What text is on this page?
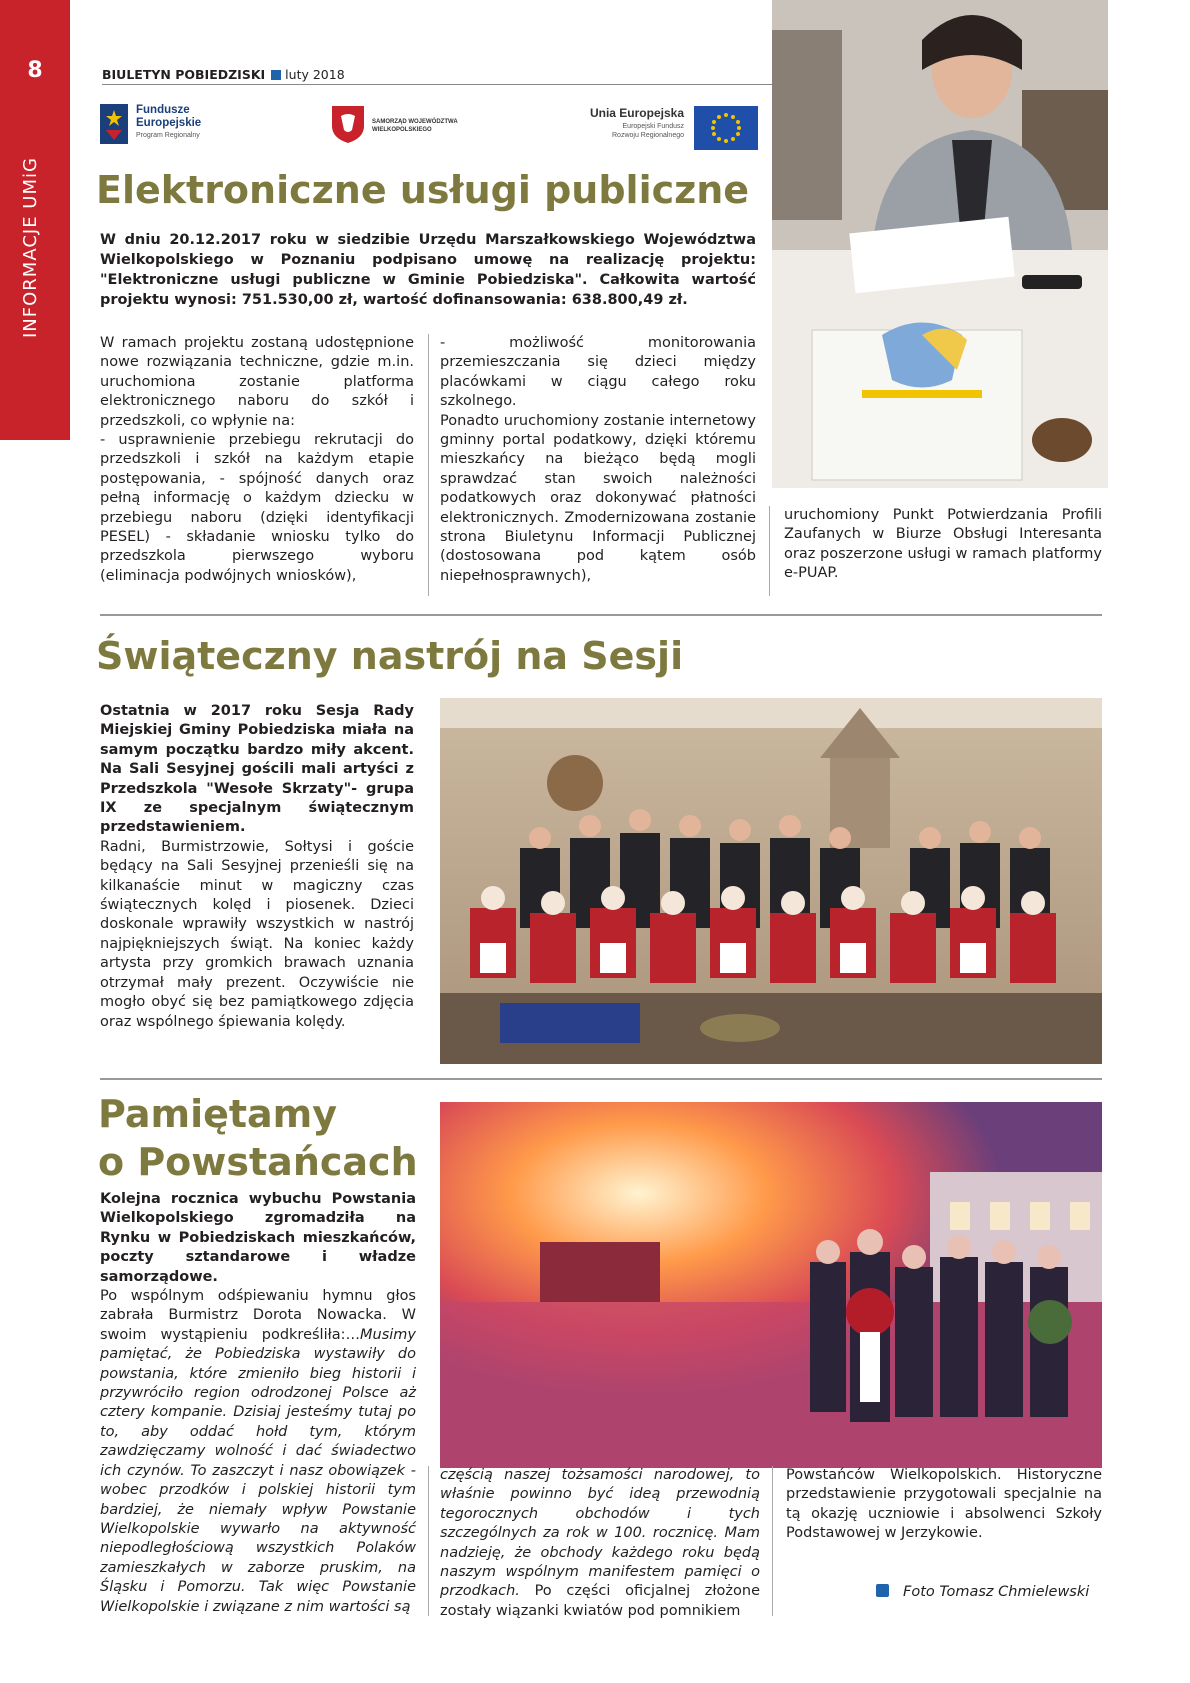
8
INFORMACJE UMiG
BIULETYN POBIEDZISKI luty 2018
Fundusze
Europejskie
Program Regionalny
SAMORZĄD WOJEWÓDZTWA
WIELKOPOLSKIEGO
Unia Europejska
Europejski Fundusz
Rozwoju Regionalnego
Elektroniczne usługi publiczne
W dniu 20.12.2017 roku w siedzibie Urzędu Marszałkowskiego Województwa Wielkopolskiego w Poznaniu podpisano umowę na realizację projektu: "Elektroniczne usługi publiczne w Gminie Pobiedziska". Całkowita wartość projektu wynosi: 751.530,00 zł, wartość dofinansowania: 638.800,49 zł.
W ramach projektu zostaną udostępnione nowe rozwiązania techniczne, gdzie m.in. uruchomiona zostanie platforma elektronicznego naboru do szkół i przedszkoli, co wpłynie na:
- usprawnienie przebiegu rekrutacji do przedszkoli i szkół na każdym etapie postępowania, - spójność danych oraz pełną informację o każdym dziecku w przebiegu naboru (dzięki identyfikacji PESEL) - składanie wniosku tylko do przedszkola pierwszego wyboru (eliminacja podwójnych wniosków),
- możliwość monitorowania przemieszczania się dzieci między placówkami w ciągu całego roku szkolnego.
Ponadto uruchomiony zostanie internetowy gminny portal podatkowy, dzięki któremu mieszkańcy na bieżąco będą mogli sprawdzać stan swoich należności podatkowych oraz dokonywać płatności elektronicznych. Zmodernizowana zostanie strona Biuletynu Informacji Publicznej (dostosowana pod kątem osób niepełnosprawnych),
uruchomiony Punkt Potwierdzania Profili Zaufanych w Biurze Obsługi Interesanta oraz poszerzone usługi w ramach platformy e-PUAP.
Świąteczny nastrój na Sesji
Ostatnia w 2017 roku Sesja Rady Miejskiej Gminy Pobiedziska miała na samym początku bardzo miły akcent. Na Sali Sesyjnej gościli mali artyści z Przedszkola "Wesołe Skrzaty"- grupa IX ze specjalnym świątecznym przedstawieniem.
Radni, Burmistrzowie, Sołtysi i goście będący na Sali Sesyjnej przenieśli się na kilkanaście minut w magiczny czas świątecznych kolęd i piosenek. Dzieci doskonale wprawiły wszystkich w nastrój najpiękniejszych świąt. Na koniec każdy artysta przy gromkich brawach uznania otrzymał mały prezent. Oczywiście nie mogło obyć się bez pamiątkowego zdjęcia oraz wspólnego śpiewania kolędy.
Pamiętamy
o Powstańcach
Kolejna rocznica wybuchu Powstania Wielkopolskiego zgromadziła na Rynku w Pobiedziskach mieszkańców, poczty sztandarowe i władze samorządowe.
Po wspólnym odśpiewaniu hymnu głos zabrała Burmistrz Dorota Nowacka. W swoim wystąpieniu podkreśliła:…Musimy pamiętać, że Pobiedziska wystawiły do powstania, które zmieniło bieg historii i przywróciło region odrodzonej Polsce aż cztery kompanie. Dzisiaj jesteśmy tutaj po to, aby oddać hołd tym, którym zawdzięczamy wolność i dać świadectwo ich czynów. To zaszczyt i nasz obowiązek - wobec przodków i polskiej historii tym bardziej, że niemały wpływ Powstanie Wielkopolskie wywarło na aktywność niepodległościową wszystkich Polaków zamieszkałych w zaborze pruskim, na Śląsku i Pomorzu. Tak więc Powstanie Wielkopolskie i związane z nim wartości są
częścią naszej tożsamości narodowej, to właśnie powinno być ideą przewodnią tegorocznych obchodów i tych szczególnych za rok w 100. rocznicę. Mam nadzieję, że obchody każdego roku będą naszym wspólnym manifestem pamięci o przodkach. Po części oficjalnej złożone zostały wiązanki kwiatów pod pomnikiem
Powstańców Wielkopolskich. Historyczne przedstawienie przygotowali specjalnie na tą okazję uczniowie i absolwenci Szkoły Podstawowej w Jerzykowie.
Foto Tomasz Chmielewski
